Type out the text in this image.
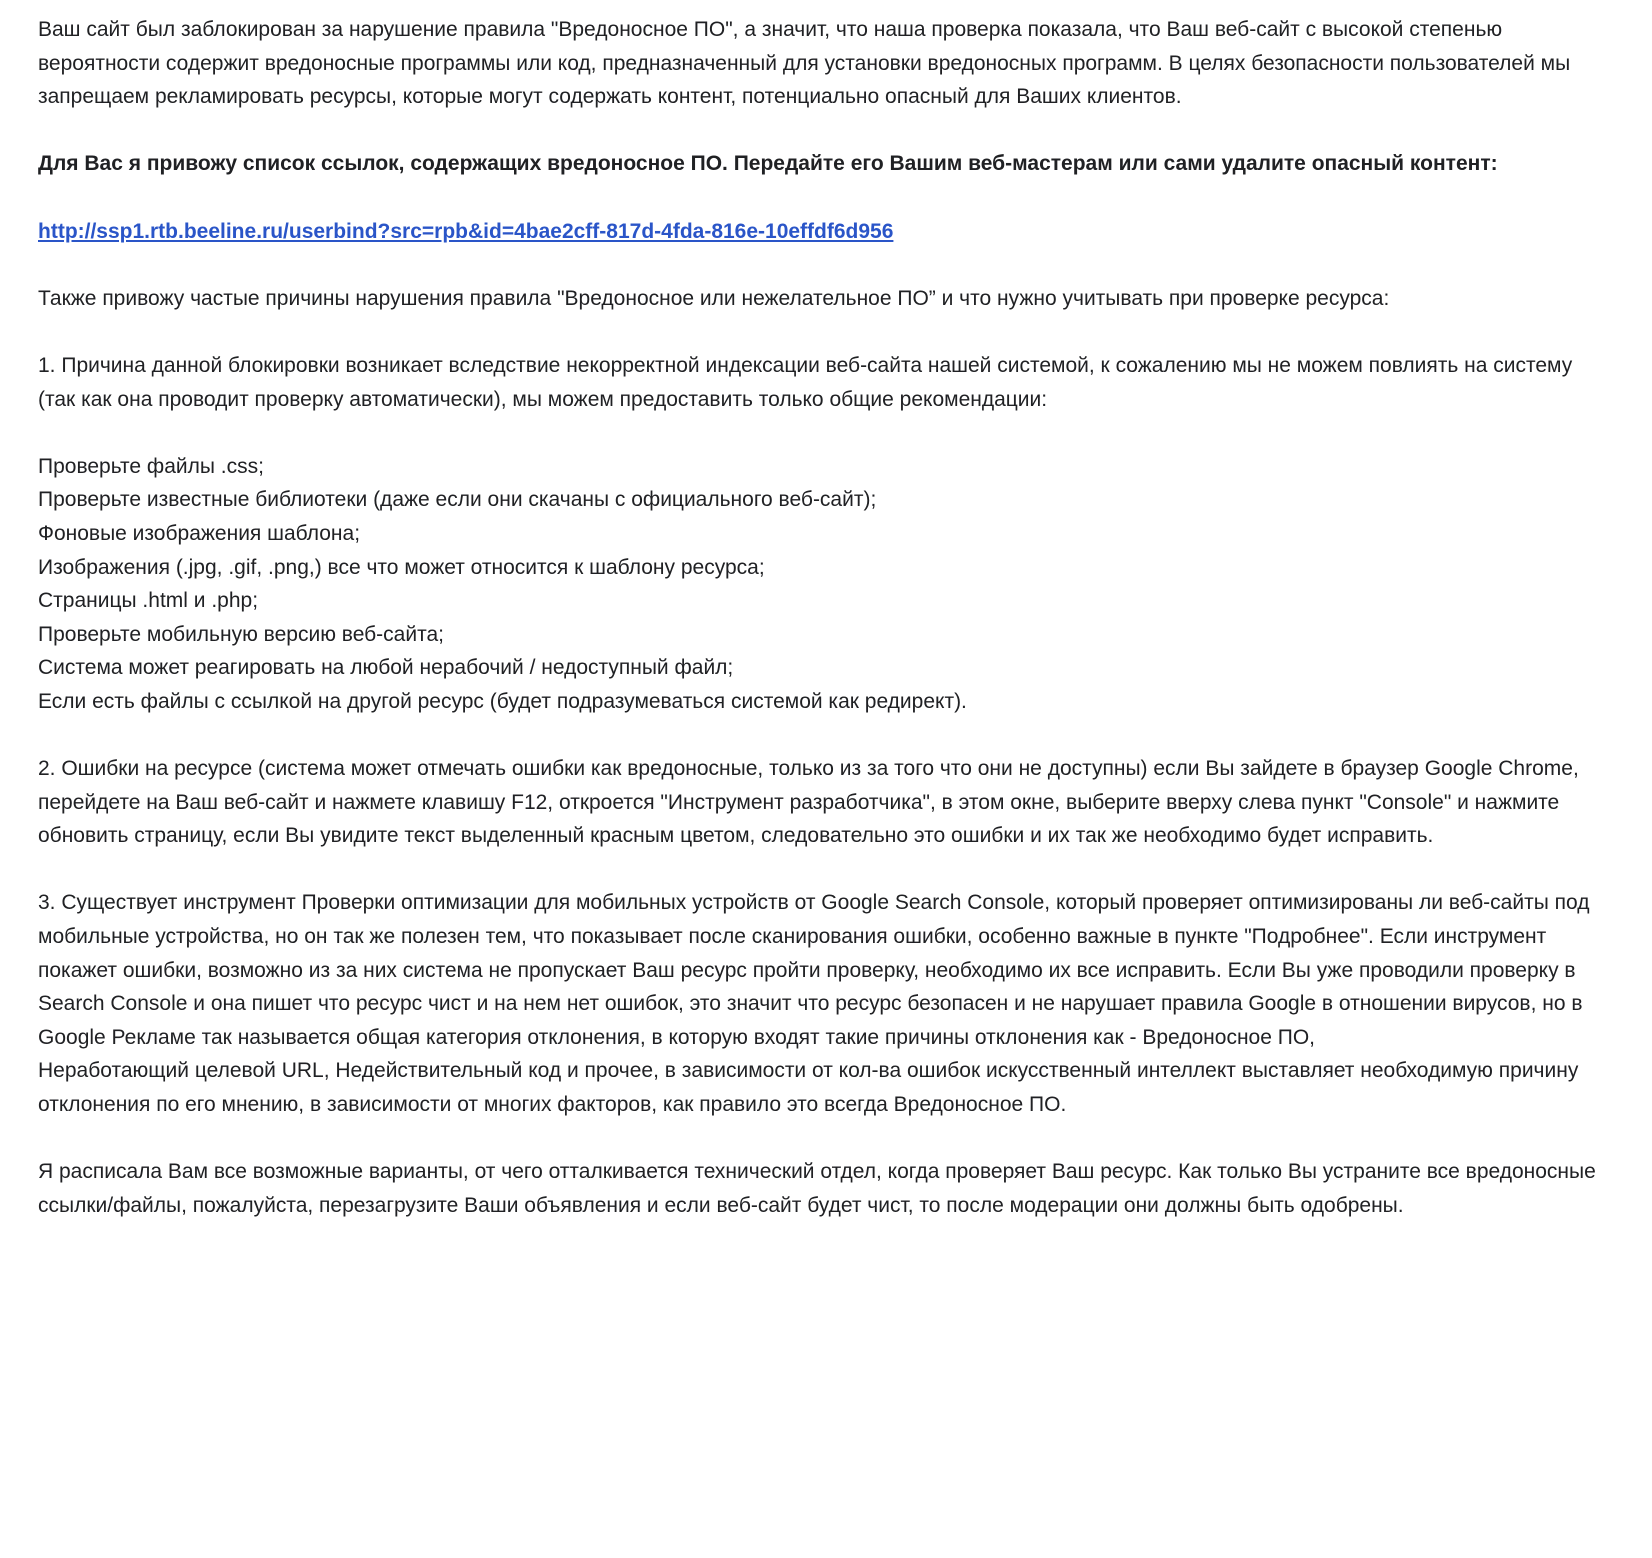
Ваш сайт был заблокирован за нарушение правила "Вредоносное ПО", а значит, что наша проверка показала, что Ваш веб-сайт с высокой степенью вероятности содержит вредоносные программы или код, предназначенный для установки вредоносных программ. В целях безопасности пользователей мы запрещаем рекламировать ресурсы, которые могут содержать контент, потенциально опасный для Ваших клиентов.

Для Вас я привожу список ссылок, содержащих вредоносное ПО. Передайте его Вашим веб-мастерам или сами удалите опасный контент:

http://ssp1.rtb.beeline.ru/userbind?src=rpb&id=4bae2cff-817d-4fda-816e-10effdf6d956

Также привожу частые причины нарушения правила "Вредоносное или нежелательное ПО” и что нужно учитывать при проверке ресурса:

1. Причина данной блокировки возникает вследствие некорректной индексации веб-сайта нашей системой, к сожалению мы не можем повлиять на систему (так как она проводит проверку автоматически), мы можем предоставить только общие рекомендации:

Проверьте файлы .css;
Проверьте известные библиотеки (даже если они скачаны с официального веб-сайт);
Фоновые изображения шаблона;
Изображения (.jpg, .gif, .png,) все что может относится к шаблону ресурса;
Страницы .html и .php;
Проверьте мобильную версию веб-сайта;
Система может реагировать на любой нерабочий / недоступный файл;
Если есть файлы с ссылкой на другой ресурс (будет подразумеваться системой как редирект).

2. Ошибки на ресурсе (система может отмечать ошибки как вредоносные, только из за того что они не доступны) если Вы зайдете в браузер Google Chrome, перейдете на Ваш веб-сайт и нажмете клавишу F12, откроется "Инструмент разработчика", в этом окне, выберите вверху слева пункт "Console" и нажмите обновить страницу, если Вы увидите текст выделенный красным цветом, следовательно это ошибки и их так же необходимо будет исправить.

3. Существует инструмент Проверки оптимизации для мобильных устройств от Google Search Console, который проверяет оптимизированы ли веб-сайты под мобильные устройства, но он так же полезен тем, что показывает после сканирования ошибки, особенно важные в пункте "Подробнее". Если инструмент покажет ошибки, возможно из за них система не пропускает Ваш ресурс пройти проверку, необходимо их все исправить. Если Вы уже проводили проверку в Search Console и она пишет что ресурс чист и на нем нет ошибок, это значит что ресурс безопасен и не нарушает правила Google в отношении вирусов, но в Google Рекламе так называется общая категория отклонения, в которую входят такие причины отклонения как - Вредоносное ПО,
Неработающий целевой URL, Недействительный код и прочее, в зависимости от кол-ва ошибок искусственный интеллект выставляет необходимую причину отклонения по его мнению, в зависимости от многих факторов, как правило это всегда Вредоносное ПО.

Я расписала Вам все возможные варианты, от чего отталкивается технический отдел, когда проверяет Ваш ресурс. Как только Вы устраните все вредоносные ссылки/файлы, пожалуйста, перезагрузите Ваши объявления и если веб-сайт будет чист, то после модерации они должны быть одобрены.
